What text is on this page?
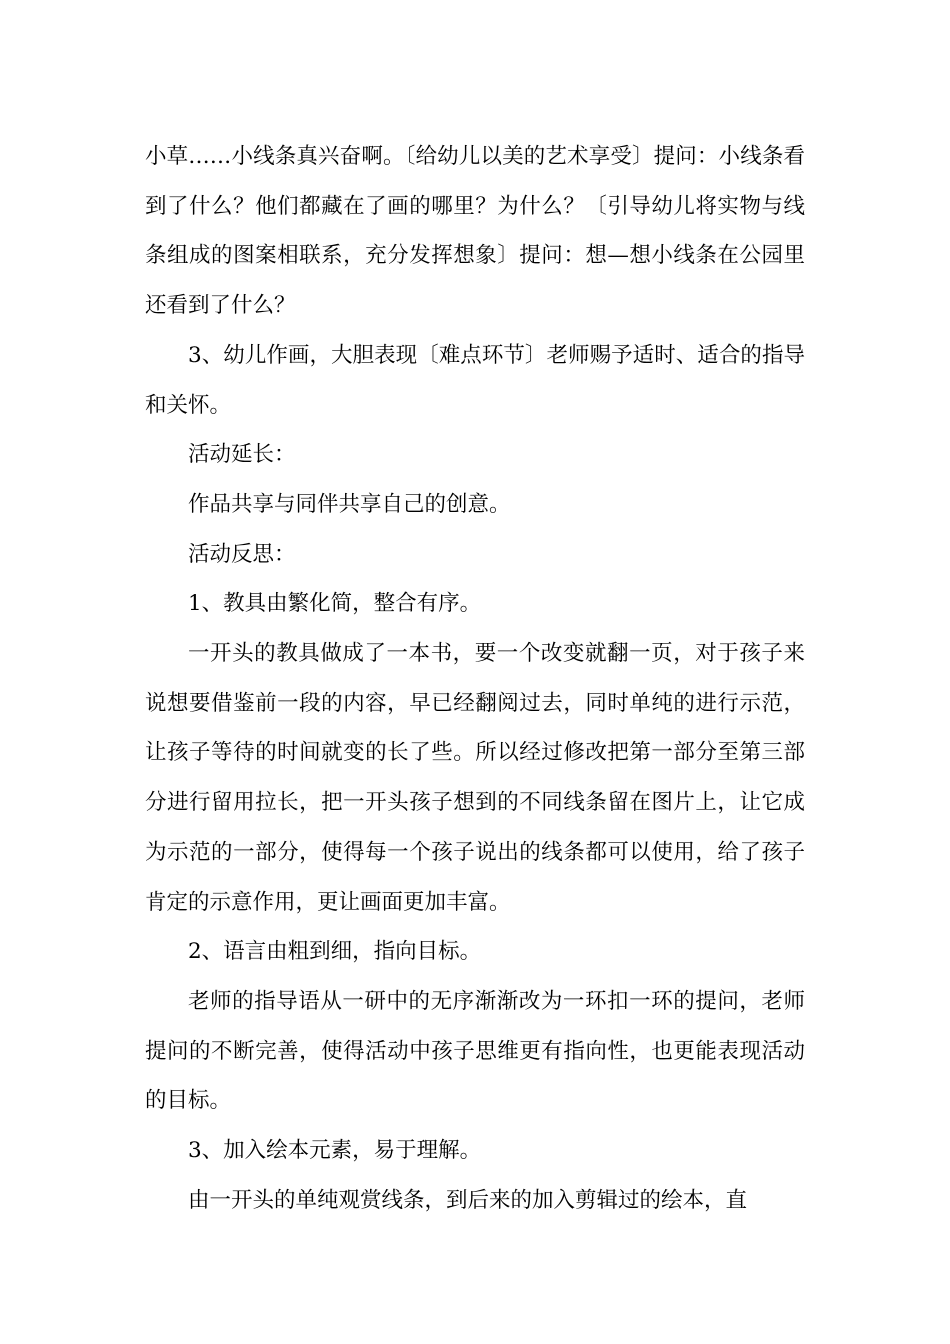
小草……小线条真兴奋啊。〔给幼儿以美的艺术享受〕提问：小线条看到了什么？他们都藏在了画的哪里？为什么？〔引导幼儿将实物与线条组成的图案相联系，充分发挥想象〕提问：想—想小线条在公园里还看到了什么？

3、幼儿作画，大胆表现〔难点环节〕老师赐予适时、适合的指导和关怀。

活动延长：

作品共享与同伴共享自己的创意。

活动反思：

1、教具由繁化简，整合有序。

一开头的教具做成了一本书，要一个改变就翻一页，对于孩子来说想要借鉴前一段的内容，早已经翻阅过去，同时单纯的进行示范，让孩子等待的时间就变的长了些。所以经过修改把第一部分至第三部分进行留用拉长，把一开头孩子想到的不同线条留在图片上，让它成为示范的一部分，使得每一个孩子说出的线条都可以使用，给了孩子肯定的示意作用，更让画面更加丰富。

2、语言由粗到细，指向目标。

老师的指导语从一研中的无序渐渐改为一环扣一环的提问，老师提问的不断完善，使得活动中孩子思维更有指向性，也更能表现活动的目标。

3、加入绘本元素，易于理解。

由一开头的单纯观赏线条，到后来的加入剪辑过的绘本，直
